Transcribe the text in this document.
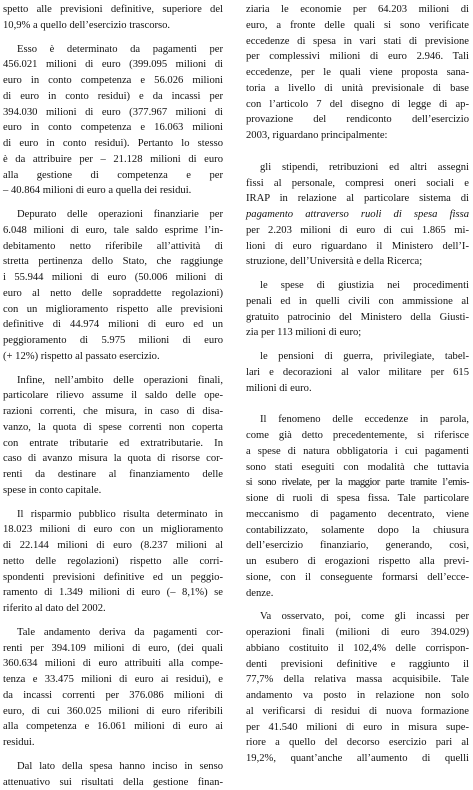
spetto alle previsioni definitive, superiore del
10,9% a quello dell’esercizio trascorso.
Esso è determinato da pagamenti per
456.021 milioni di euro (399.095 milioni di
euro in conto competenza e 56.026 milioni
di euro in conto residui) e da incassi per
394.030 milioni di euro (377.967 milioni di
euro in conto competenza e 16.063 milioni
di euro in conto residui). Pertanto lo stesso
è da attribuire per – 21.128 milioni di euro
alla gestione di competenza e per
– 40.864 milioni di euro a quella dei residui.
Depurato delle operazioni finanziarie per
6.048 milioni di euro, tale saldo esprime l’in-
debitamento netto riferibile all’attività di
stretta pertinenza dello Stato, che raggiunge
i 55.944 milioni di euro (50.006 milioni di
euro al netto delle sopraddette regolazioni)
con un miglioramento rispetto alle previsioni
definitive di 44.974 milioni di euro ed un
peggioramento di 5.975 milioni di euro
(+ 12%) rispetto al passato esercizio.
Infine, nell’ambito delle operazioni finali,
particolare rilievo assume il saldo delle ope-
razioni correnti, che misura, in caso di disa-
vanzo, la quota di spese correnti non coperta
con entrate tributarie ed extratributarie. In
caso di avanzo misura la quota di risorse cor-
renti da destinare al finanziamento delle
spese in conto capitale.
Il risparmio pubblico risulta determinato in
18.023 milioni di euro con un miglioramento
di 22.144 milioni di euro (8.237 milioni al
netto delle regolazioni) rispetto alle corri-
spondenti previsioni definitive ed un peggio-
ramento di 1.349 milioni di euro (– 8,1%) se
riferito al dato del 2002.
Tale andamento deriva da pagamenti cor-
renti per 394.109 milioni di euro, (dei quali
360.634 milioni di euro attribuiti alla compe-
tenza e 33.475 milioni di euro ai residui), e
da incassi correnti per 376.086 milioni di
euro, di cui 360.025 milioni di euro riferibili
alla competenza e 16.061 milioni di euro ai
residui.
Dal lato della spesa hanno inciso in senso
attenuativo sui risultati della gestione finan-
ziaria le economie per 64.203 milioni di
euro, a fronte delle quali si sono verificate
eccedenze di spesa in vari stati di previsione
per complessivi milioni di euro 2.946. Tali
eccedenze, per le quali viene proposta sana-
toria a livello di unità previsionale di base
con l’articolo 7 del disegno di legge di ap-
provazione del rendiconto dell’esercizio
2003, riguardano principalmente:
gli stipendi, retribuzioni ed altri assegni
fissi al personale, compresi oneri sociali e
IRAP in relazione al particolare sistema di
pagamento attraverso ruoli di spesa fissa
per 2.203 milioni di euro di cui 1.865 mi-
lioni di euro riguardano il Ministero dell’I-
struzione, dell’Università e della Ricerca;
le spese di giustizia nei procedimenti
penali ed in quelli civili con ammissione al
gratuito patrocinio del Ministero della Giusti-
zia per 113 milioni di euro;
le pensioni di guerra, privilegiate, tabel-
lari e decorazioni al valor militare per 615
milioni di euro.
Il fenomeno delle eccedenze in parola,
come già detto precedentemente, si riferisce
a spese di natura obbligatoria i cui pagamenti
sono stati eseguiti con modalità che tuttavia
si sono rivelate, per la maggior parte tramite l’emis-
sione di ruoli di spesa fissa. Tale particolare
meccanismo di pagamento decentrato, viene
contabilizzato, solamente dopo la chiusura
dell’esercizio finanziario, generando, così,
un esubero di erogazioni rispetto alla previ-
sione, con il conseguente formarsi dell’ecce-
denze.
Va osservato, poi, come gli incassi per
operazioni finali (milioni di euro 394.029)
abbiano costituito il 102,4% delle corrispon-
denti previsioni definitive e raggiunto il
77,7% della relativa massa acquisibile. Tale
andamento va posto in relazione non solo
al verificarsi di residui di nuova formazione
per 41.540 milioni di euro in misura supe-
riore a quello del decorso esercizio pari al
19,2%, quant’anche all’aumento di quelli
